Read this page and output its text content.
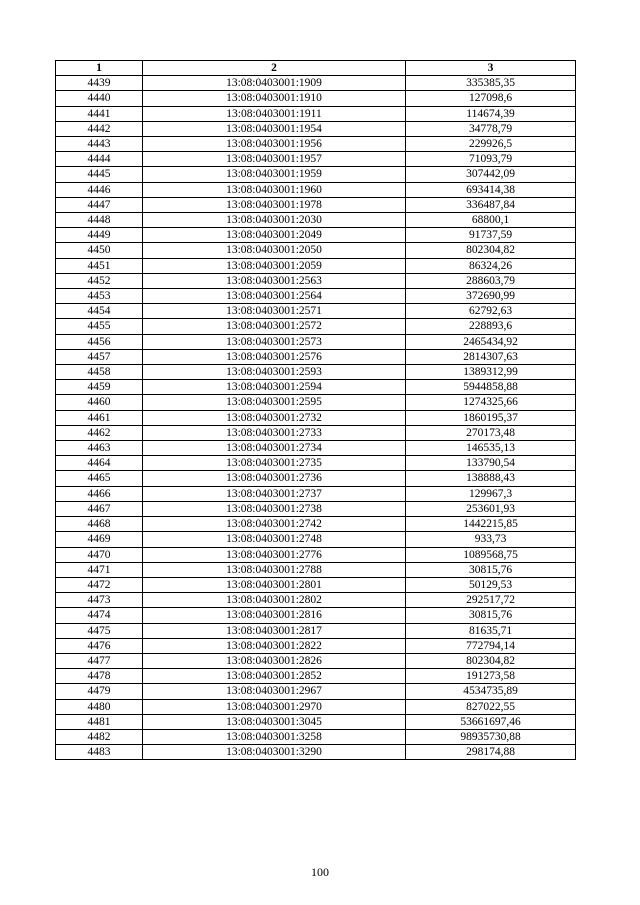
1	2	3
4439	13:08:0403001:1909	335385,35
4440	13:08:0403001:1910	127098,6
4441	13:08:0403001:1911	114674,39
4442	13:08:0403001:1954	34778,79
4443	13:08:0403001:1956	229926,5
4444	13:08:0403001:1957	71093,79
4445	13:08:0403001:1959	307442,09
4446	13:08:0403001:1960	693414,38
4447	13:08:0403001:1978	336487,84
4448	13:08:0403001:2030	68800,1
4449	13:08:0403001:2049	91737,59
4450	13:08:0403001:2050	802304,82
4451	13:08:0403001:2059	86324,26
4452	13:08:0403001:2563	288603,79
4453	13:08:0403001:2564	372690,99
4454	13:08:0403001:2571	62792,63
4455	13:08:0403001:2572	228893,6
4456	13:08:0403001:2573	2465434,92
4457	13:08:0403001:2576	2814307,63
4458	13:08:0403001:2593	1389312,99
4459	13:08:0403001:2594	5944858,88
4460	13:08:0403001:2595	1274325,66
4461	13:08:0403001:2732	1860195,37
4462	13:08:0403001:2733	270173,48
4463	13:08:0403001:2734	146535,13
4464	13:08:0403001:2735	133790,54
4465	13:08:0403001:2736	138888,43
4466	13:08:0403001:2737	129967,3
4467	13:08:0403001:2738	253601,93
4468	13:08:0403001:2742	1442215,85
4469	13:08:0403001:2748	933,73
4470	13:08:0403001:2776	1089568,75
4471	13:08:0403001:2788	30815,76
4472	13:08:0403001:2801	50129,53
4473	13:08:0403001:2802	292517,72
4474	13:08:0403001:2816	30815,76
4475	13:08:0403001:2817	81635,71
4476	13:08:0403001:2822	772794,14
4477	13:08:0403001:2826	802304,82
4478	13:08:0403001:2852	191273,58
4479	13:08:0403001:2967	4534735,89
4480	13:08:0403001:2970	827022,55
4481	13:08:0403001:3045	53661697,46
4482	13:08:0403001:3258	98935730,88
4483	13:08:0403001:3290	298174,88
100
